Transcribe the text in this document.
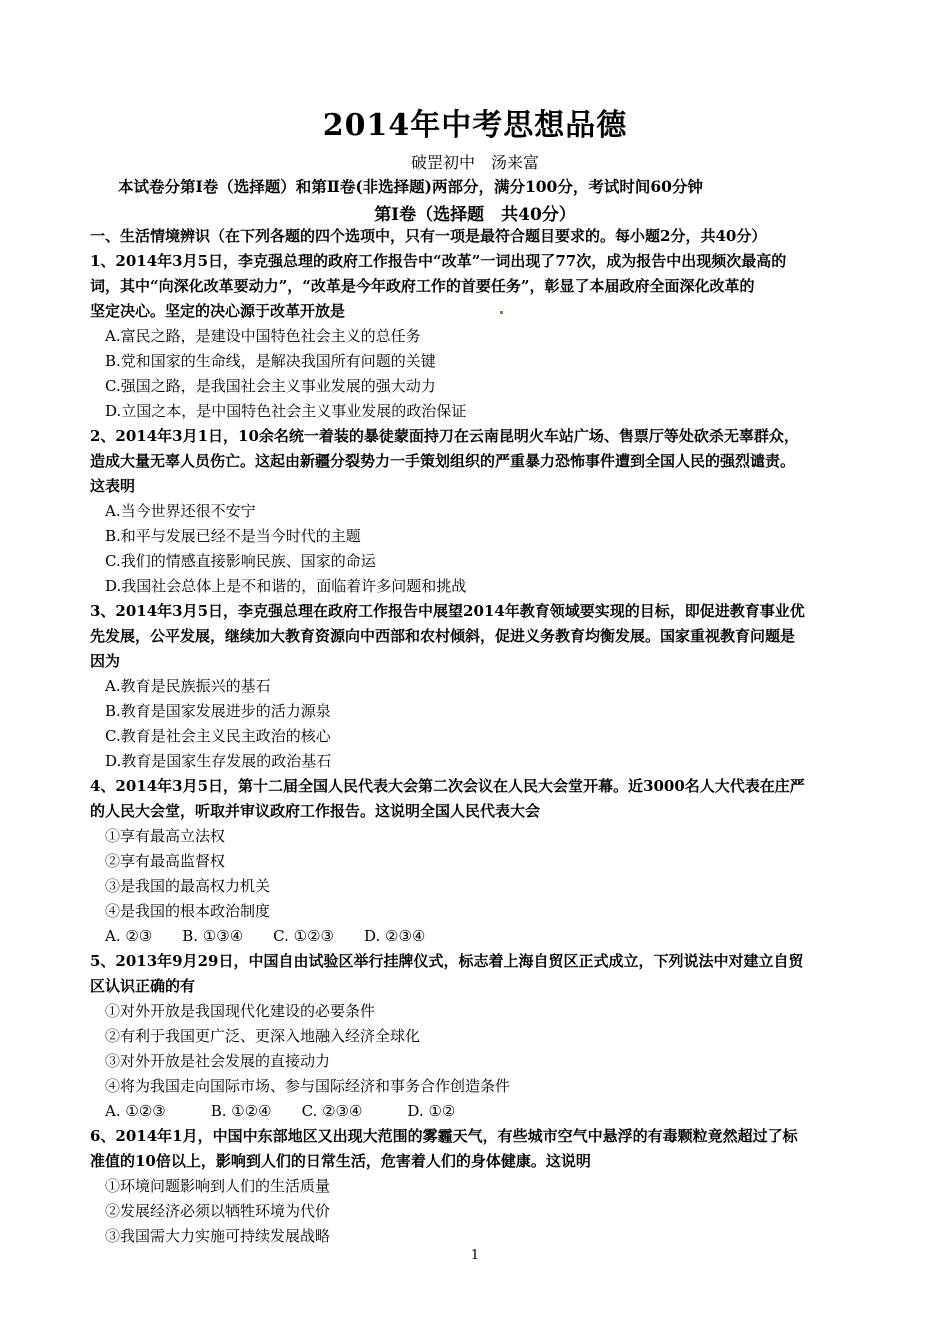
2014年中考思想品德
破罡初中　汤来富
本试卷分第Ⅰ卷（选择题）和第Ⅱ卷(非选择题)两部分，满分100分，考试时间60分钟
第Ⅰ卷（选择题　共40分）
一、生活情境辨识（在下列各题的四个选项中，只有一项是最符合题目要求的。每小题2分，共40分）
1、2014年3月5日，李克强总理的政府工作报告中“改革”一词出现了77次，成为报告中出现频次最高的
词，其中“向深化改革要动力”，“改革是今年政府工作的首要任务”，彰显了本届政府全面深化改革的
坚定决心。坚定的决心源于改革开放是
A.富民之路，是建设中国特色社会主义的总任务
B.党和国家的生命线，是解决我国所有问题的关键
C.强国之路，是我国社会主义事业发展的强大动力
D.立国之本，是中国特色社会主义事业发展的政治保证
2、2014年3月1日，10余名统一着装的暴徒蒙面持刀在云南昆明火车站广场、售票厅等处砍杀无辜群众，
造成大量无辜人员伤亡。这起由新疆分裂势力一手策划组织的严重暴力恐怖事件遭到全国人民的强烈谴责。
这表明
A.当今世界还很不安宁
B.和平与发展已经不是当今时代的主题
C.我们的情感直接影响民族、国家的命运
D.我国社会总体上是不和谐的，面临着许多问题和挑战
3、2014年3月5日，李克强总理在政府工作报告中展望2014年教育领域要实现的目标，即促进教育事业优
先发展，公平发展，继续加大教育资源向中西部和农村倾斜，促进义务教育均衡发展。国家重视教育问题是
因为
A.教育是民族振兴的基石
B.教育是国家发展进步的活力源泉
C.教育是社会主义民主政治的核心
D.教育是国家生存发展的政治基石
4、2014年3月5日，第十二届全国人民代表大会第二次会议在人民大会堂开幕。近3000名人大代表在庄严
的人民大会堂，听取并审议政府工作报告。这说明全国人民代表大会
①享有最高立法权
②享有最高监督权
③是我国的最高权力机关
④是我国的根本政治制度
A. ②③　　B. ①③④　　C. ①②③　　D. ②③④
5、2013年9月29日，中国自由试验区举行挂牌仪式，标志着上海自贸区正式成立，下列说法中对建立自贸
区认识正确的有
①对外开放是我国现代化建设的必要条件
②有利于我国更广泛、更深入地融入经济全球化
③对外开放是社会发展的直接动力
④将为我国走向国际市场、参与国际经济和事务合作创造条件
A. ①②③　　　B. ①②④　　C. ②③④　　　D. ①②
6、2014年1月，中国中东部地区又出现大范围的雾霾天气，有些城市空气中悬浮的有毒颗粒竟然超过了标
准值的10倍以上，影响到人们的日常生活，危害着人们的身体健康。这说明
①环境问题影响到人们的生活质量
②发展经济必须以牺牲环境为代价
③我国需大力实施可持续发展战略
1
